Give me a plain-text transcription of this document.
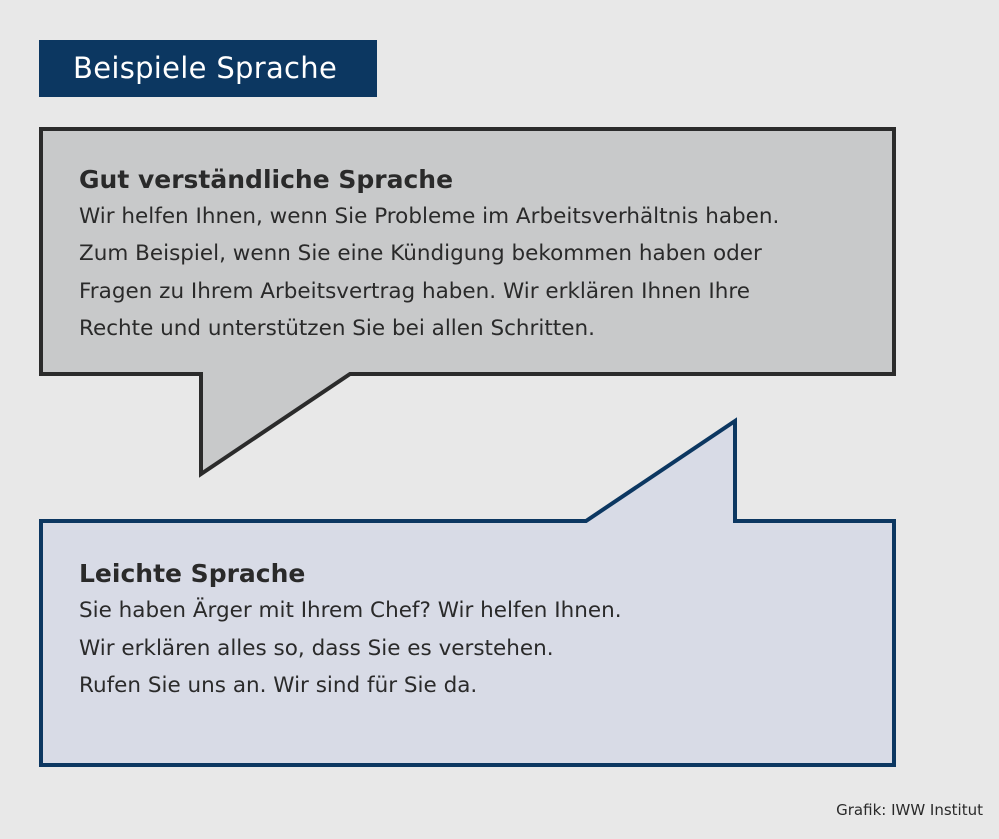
Beispiele Sprache
Gut verständliche Sprache
Wir helfen Ihnen, wenn Sie Probleme im Arbeitsverhältnis haben.
Zum Beispiel, wenn Sie eine Kündigung bekommen haben oder
Fragen zu Ihrem Arbeitsvertrag haben. Wir erklären Ihnen Ihre
Rechte und unterstützen Sie bei allen Schritten.
Leichte Sprache
Sie haben Ärger mit Ihrem Chef? Wir helfen Ihnen.
Wir erklären alles so, dass Sie es verstehen.
Rufen Sie uns an. Wir sind für Sie da.
Grafik: IWW Institut
